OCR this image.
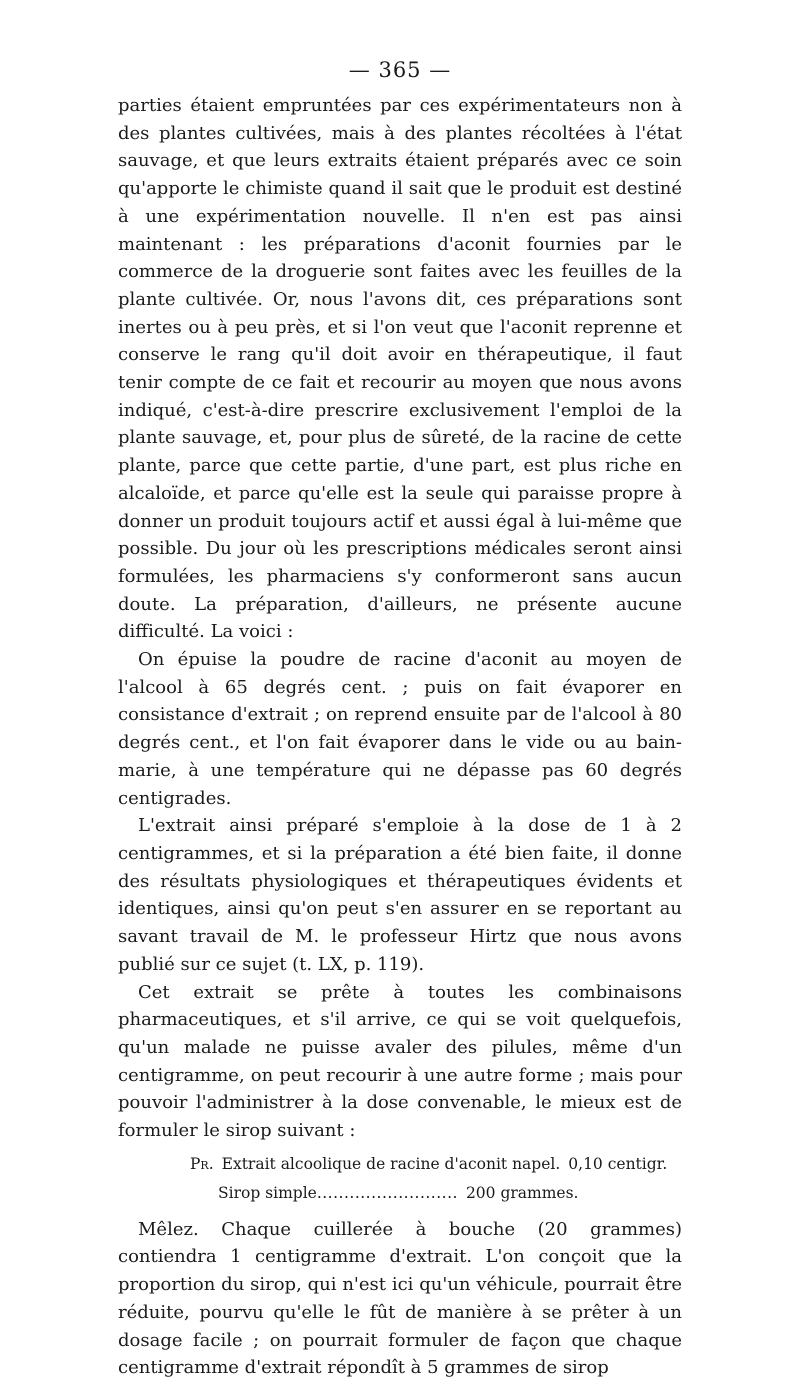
— 365 —

parties étaient empruntées par ces expérimentateurs non à des plantes cultivées, mais à des plantes récoltées à l'état sauvage, et que leurs extraits étaient préparés avec ce soin qu'apporte le chimiste quand il sait que le produit est destiné à une expérimentation nouvelle. Il n'en est pas ainsi maintenant : les préparations d'aconit fournies par le commerce de la droguerie sont faites avec les feuilles de la plante cultivée. Or, nous l'avons dit, ces préparations sont inertes ou à peu près, et si l'on veut que l'aconit reprenne et conserve le rang qu'il doit avoir en thérapeutique, il faut tenir compte de ce fait et recourir au moyen que nous avons indiqué, c'est-à-dire prescrire exclusivement l'emploi de la plante sauvage, et, pour plus de sûreté, de la racine de cette plante, parce que cette partie, d'une part, est plus riche en alcaloïde, et parce qu'elle est la seule qui paraisse propre à donner un produit toujours actif et aussi égal à lui-même que possible. Du jour où les prescriptions médicales seront ainsi formulées, les pharmaciens s'y conformeront sans aucun doute. La préparation, d'ailleurs, ne présente aucune difficulté. La voici :

On épuise la poudre de racine d'aconit au moyen de l'alcool à 65 degrés cent. ; puis on fait évaporer en consistance d'extrait ; on reprend ensuite par de l'alcool à 80 degrés cent., et l'on fait évaporer dans le vide ou au bain-marie, à une température qui ne dépasse pas 60 degrés centigrades.

L'extrait ainsi préparé s'emploie à la dose de 1 à 2 centigrammes, et si la préparation a été bien faite, il donne des résultats physiologiques et thérapeutiques évidents et identiques, ainsi qu'on peut s'en assurer en se reportant au savant travail de M. le professeur Hirtz que nous avons publié sur ce sujet (t. LX, p. 119).

Cet extrait se prête à toutes les combinaisons pharmaceutiques, et s'il arrive, ce qui se voit quelquefois, qu'un malade ne puisse avaler des pilules, même d'un centigramme, on peut recourir à une autre forme ; mais pour pouvoir l'administrer à la dose convenable, le mieux est de formuler le sirop suivant :

Pr. Extrait alcoolique de racine d'aconit napel. 0,10 centigr.
Sirop simple .......................... 200 grammes.

Mêlez. Chaque cuillerée à bouche (20 grammes) contiendra 1 centigramme d'extrait. L'on conçoit que la proportion du sirop, qui n'est ici qu'un véhicule, pourrait être réduite, pourvu qu'elle le fût de manière à se prêter à un dosage facile ; on pourrait formuler de façon que chaque centigramme d'extrait répondît à 5 grammes de sirop
